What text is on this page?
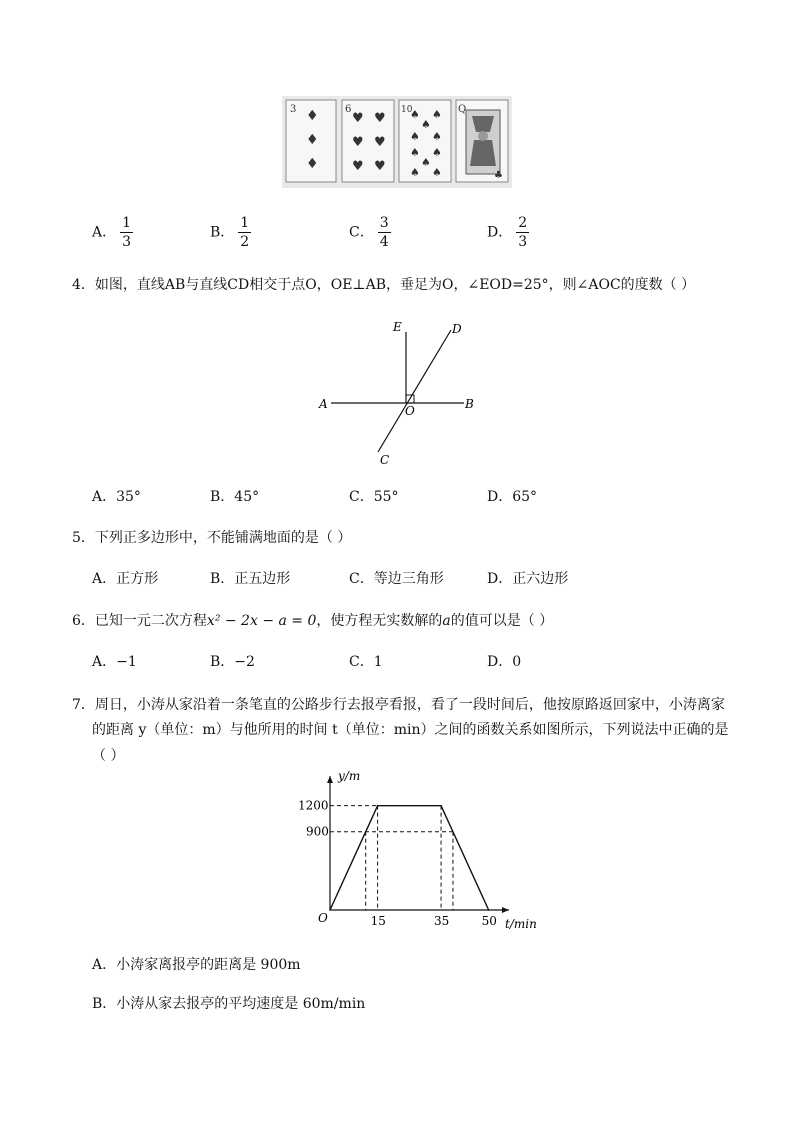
3 ♦
♦
♦
6
♥ ♥
♥ ♥
♥ ♥
10
♠ ♠
♠
♠ ♠
♠ ♠
♠
♠ ♠
Q
♣
A． $\frac{1}{3}$	B． $\frac{1}{2}$	C． $\frac{3}{4}$	D． $\frac{2}{3}$
4．如图，直线AB与直线CD相交于点O，OE⊥AB，垂足为O，∠EOD=25°，则∠AOC的度数（ ）
E	D
A	O	B
C
A．35°	B．45°	C．55°	D．65°
5．下列正多边形中，不能铺满地面的是（ ）
A．正方形	B．正五边形	C．等边三角形	D．正六边形
6．已知一元二次方程x² − 2x − a = 0，使方程无实数解的a的值可以是（ ）
A．−1	B．−2	C．1	D．0
7．周日，小涛从家沿着一条笔直的公路步行去报亭看报，看了一段时间后，他按原路返回家中，小涛离家
的距离 y（单位：m）与他所用的时间 t（单位：min）之间的函数关系如图所示，下列说法中正确的是
（ ）
y/m
t/min
O
1200
900
15	35	50
A．小涛家离报亭的距离是 900m
B．小涛从家去报亭的平均速度是 60m/min
